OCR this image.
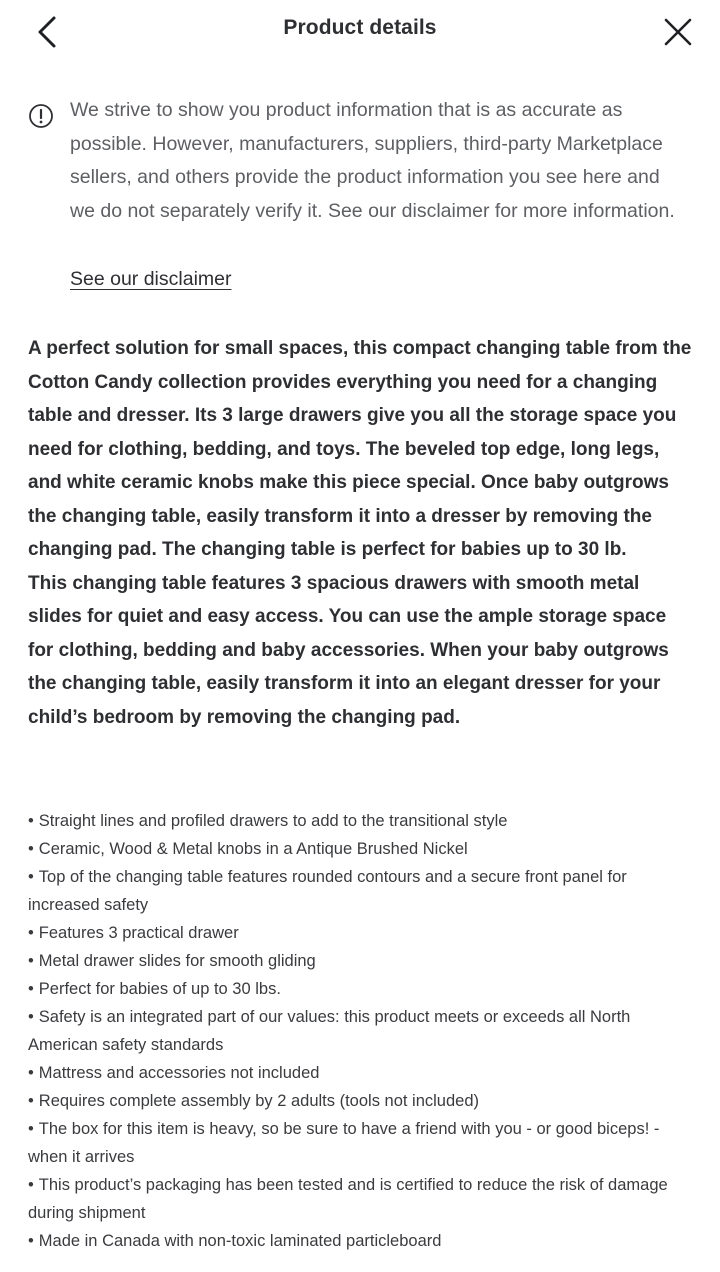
Product details
We strive to show you product information that is as accurate as possible. However, manufacturers, suppliers, third-party Marketplace sellers, and others provide the product information you see here and we do not separately verify it. See our disclaimer for more information.
See our disclaimer

A perfect solution for small spaces, this compact changing table from the Cotton Candy collection provides everything you need for a changing table and dresser. Its 3 large drawers give you all the storage space you need for clothing, bedding, and toys. The beveled top edge, long legs, and white ceramic knobs make this piece special. Once baby outgrows the changing table, easily transform it into a dresser by removing the changing pad. The changing table is perfect for babies up to 30 lb.

This changing table features 3 spacious drawers with smooth metal slides for quiet and easy access. You can use the ample storage space for clothing, bedding and baby accessories. When your baby outgrows the changing table, easily transform it into an elegant dresser for your child’s bedroom by removing the changing pad.

• Straight lines and profiled drawers to add to the transitional style
• Ceramic, Wood & Metal knobs in a Antique Brushed Nickel
• Top of the changing table features rounded contours and a secure front panel for increased safety
• Features 3 practical drawer
• Metal drawer slides for smooth gliding
• Perfect for babies of up to 30 lbs.
• Safety is an integrated part of our values: this product meets or exceeds all North American safety standards
• Mattress and accessories not included
• Requires complete assembly by 2 adults (tools not included)
• The box for this item is heavy, so be sure to have a friend with you - or good biceps! - when it arrives
• This product’s packaging has been tested and is certified to reduce the risk of damage during shipment
• Made in Canada with non-toxic laminated particleboard
